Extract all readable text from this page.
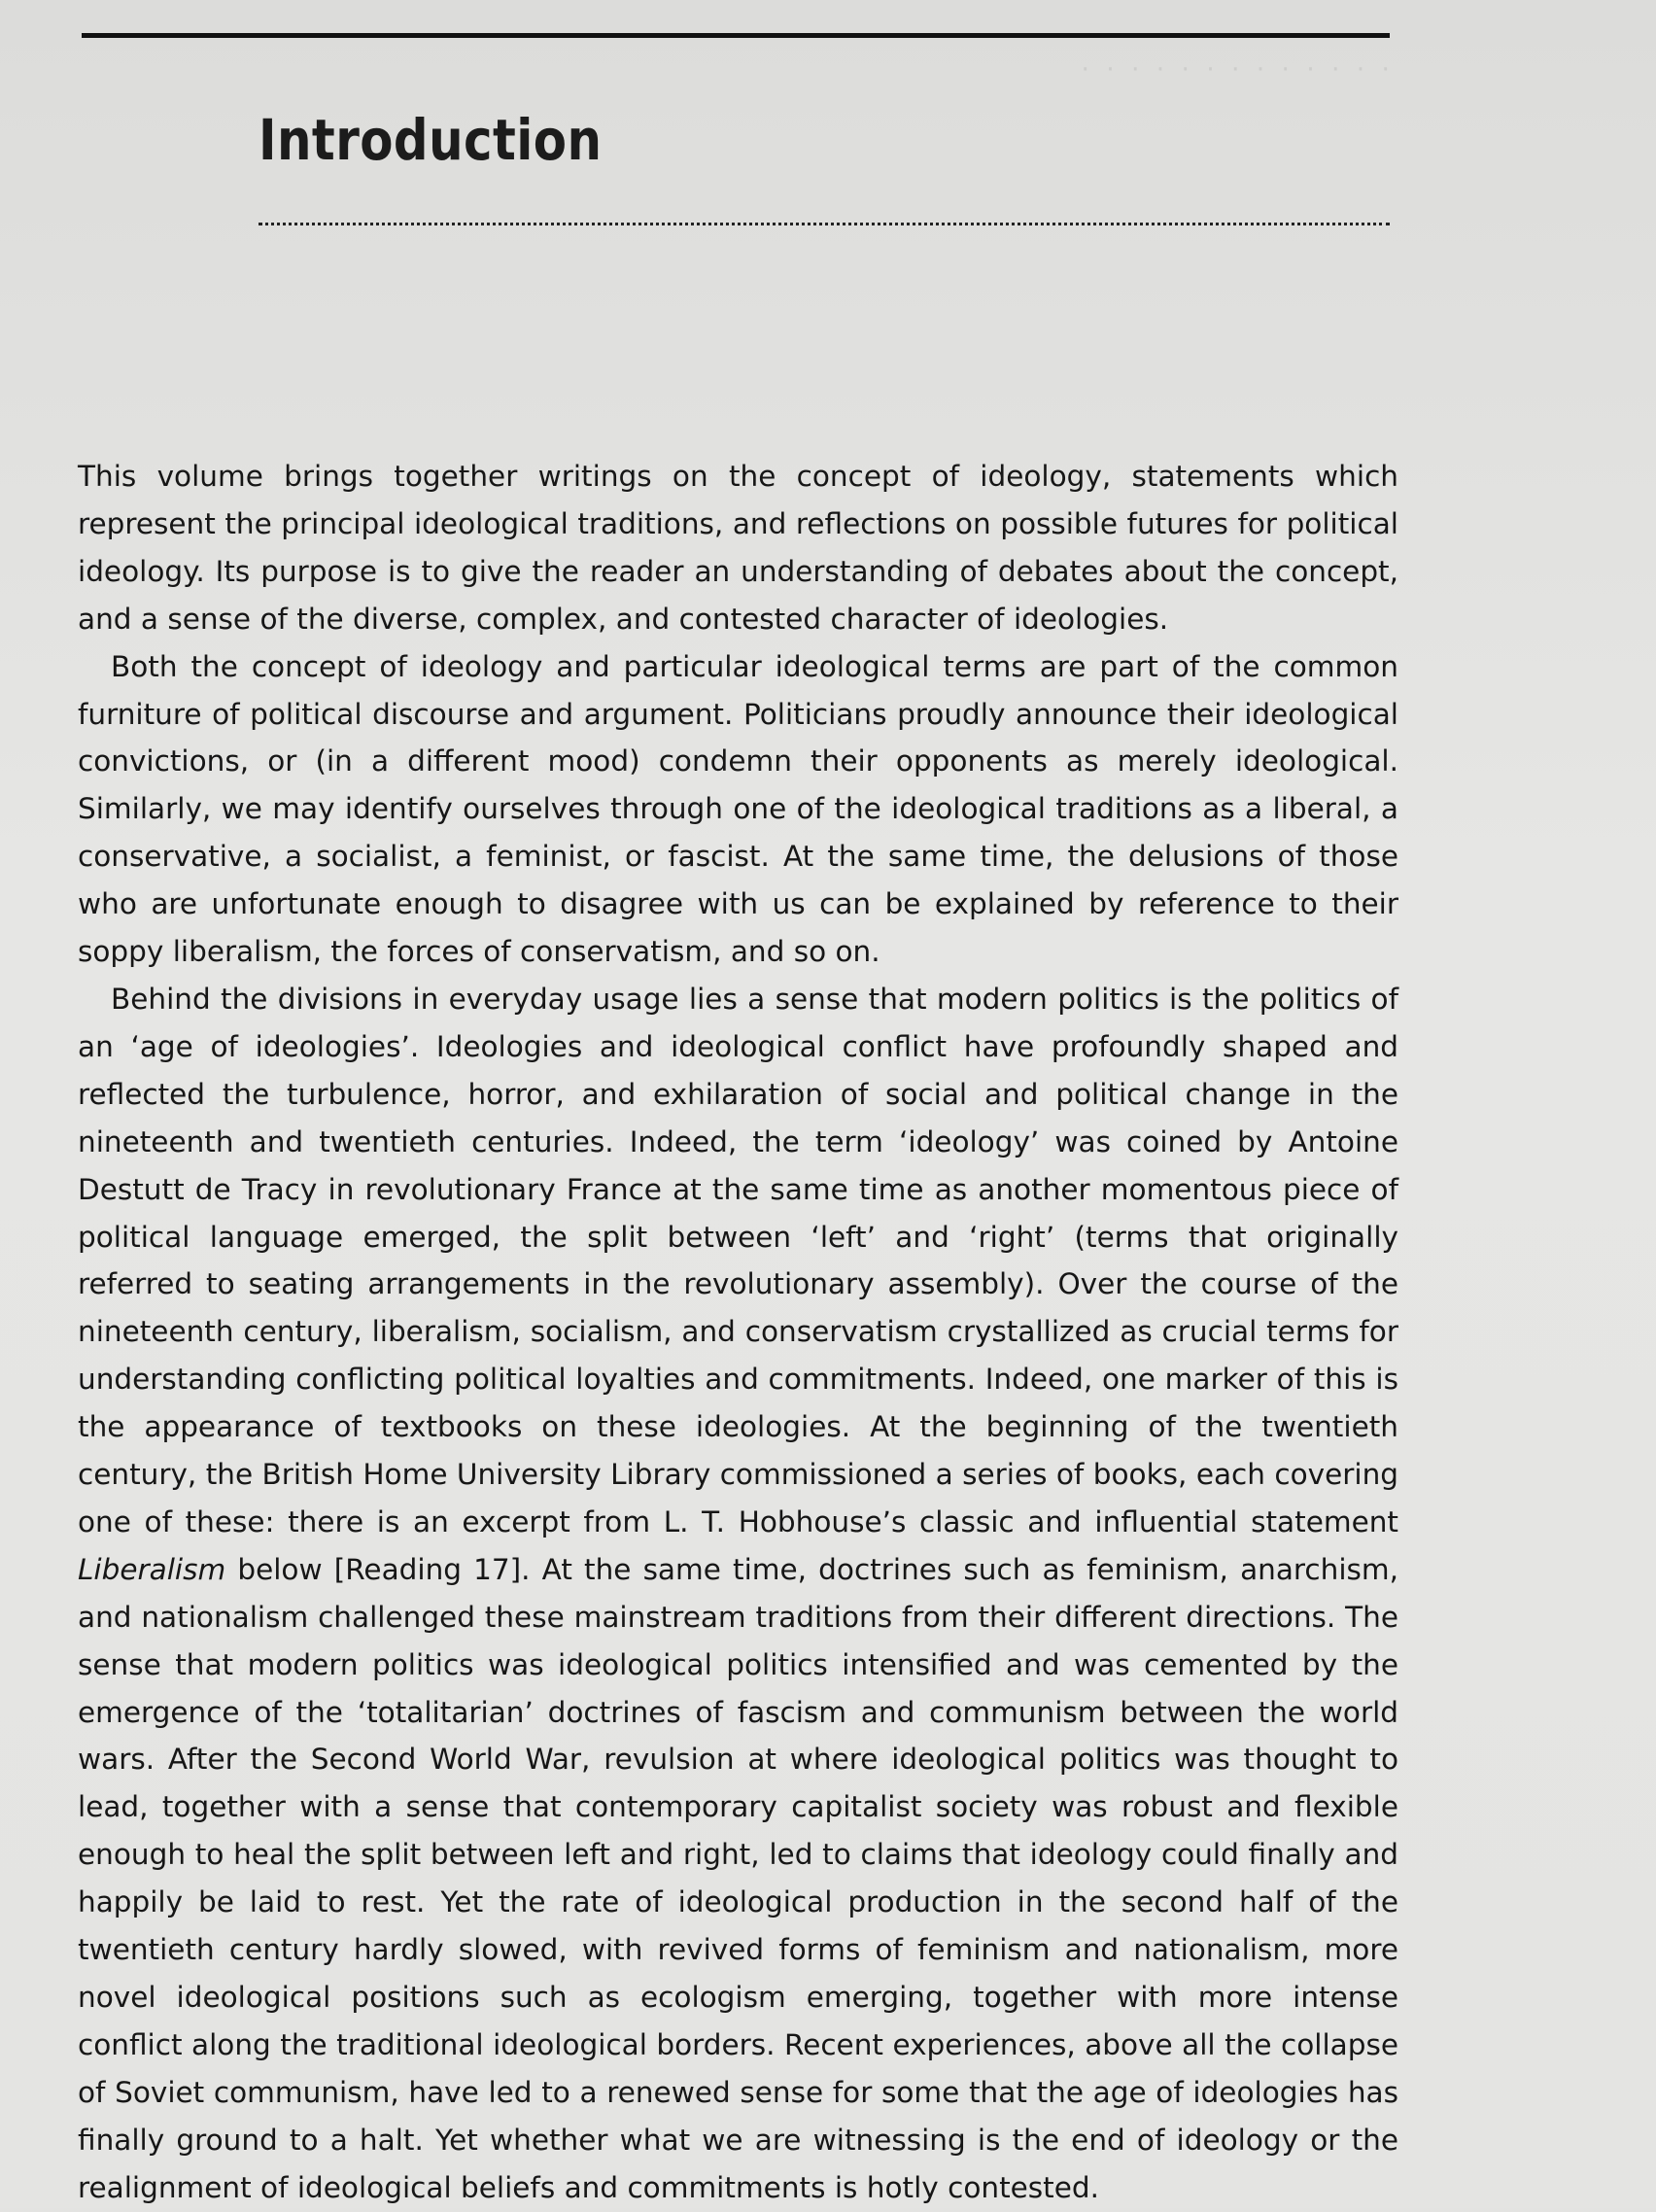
·  ·  ·  ·  ·  ·  ·  ·  ·  ·  ·  ·  ·
Introduction

This volume brings together writings on the concept of ideology, statements which represent the principal ideological traditions, and reflections on possible futures for political ideology. Its purpose is to give the reader an understanding of debates about the concept, and a sense of the diverse, complex, and contested character of ideologies.

Both the concept of ideology and particular ideological terms are part of the common furniture of political discourse and argument. Politicians proudly announce their ideological convictions, or (in a different mood) condemn their opponents as merely ideological. Similarly, we may identify ourselves through one of the ideological traditions as a liberal, a conservative, a socialist, a feminist, or fascist. At the same time, the delusions of those who are unfortunate enough to disagree with us can be explained by reference to their soppy liberalism, the forces of conservatism, and so on.

Behind the divisions in everyday usage lies a sense that modern politics is the politics of an ‘age of ideologies’. Ideologies and ideological conflict have profoundly shaped and reflected the turbulence, horror, and exhilaration of social and political change in the nineteenth and twentieth centuries. Indeed, the term ‘ideology’ was coined by Antoine Destutt de Tracy in revolutionary France at the same time as another momentous piece of political language emerged, the split between ‘left’ and ‘right’ (terms that originally referred to seating arrangements in the revolutionary assembly). Over the course of the nineteenth century, liberalism, socialism, and conservatism crystallized as crucial terms for understanding conflicting political loyalties and commitments. Indeed, one marker of this is the appearance of textbooks on these ideologies. At the beginning of the twentieth century, the British Home University Library commissioned a series of books, each covering one of these: there is an excerpt from L. T. Hobhouse’s classic and influential statement Liberalism below [Reading 17]. At the same time, doctrines such as feminism, anarchism, and nationalism challenged these mainstream traditions from their different directions. The sense that modern politics was ideological politics intensified and was cemented by the emergence of the ‘totalitarian’ doctrines of fascism and communism between the world wars. After the Second World War, revulsion at where ideological politics was thought to lead, together with a sense that contemporary capitalist society was robust and flexible enough to heal the split between left and right, led to claims that ideology could finally and happily be laid to rest. Yet the rate of ideological production in the second half of the twentieth century hardly slowed, with revived forms of feminism and nationalism, more novel ideological positions such as ecologism emerging, together with more intense conflict along the traditional ideological borders. Recent experiences, above all the collapse of Soviet communism, have led to a renewed sense for some that the age of ideologies has finally ground to a halt. Yet whether what we are witnessing is the end of ideology or the realignment of ideological beliefs and commitments is hotly contested.
